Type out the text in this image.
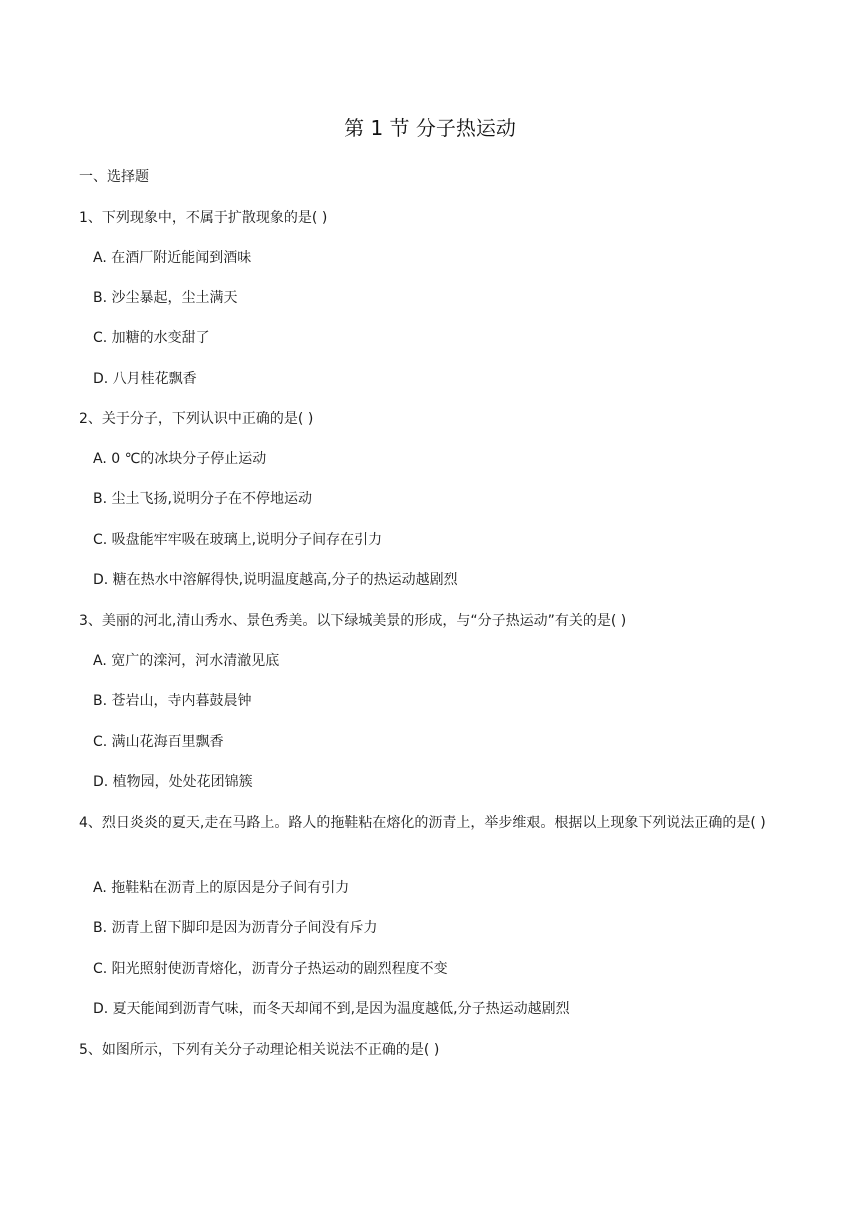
第 1 节 分子热运动
一、选择题
1、下列现象中，不属于扩散现象的是( )
A. 在酒厂附近能闻到酒味
B. 沙尘暴起，尘土满天
C. 加糖的水变甜了
D. 八月桂花飘香
2、关于分子，下列认识中正确的是( )
A. 0 ℃的冰块分子停止运动
B. 尘土飞扬,说明分子在不停地运动
C. 吸盘能牢牢吸在玻璃上,说明分子间存在引力
D. 糖在热水中溶解得快,说明温度越高,分子的热运动越剧烈
3、美丽的河北,清山秀水、景色秀美。以下绿城美景的形成，与“分子热运动”有关的是( )
A. 宽广的滦河，河水清澈见底
B. 苍岩山，寺内暮鼓晨钟
C. 满山花海百里飘香
D. 植物园，处处花团锦簇
4、烈日炎炎的夏天,走在马路上。路人的拖鞋粘在熔化的沥青上，举步维艰。根据以上现象下列说法正确的是( )
A. 拖鞋粘在沥青上的原因是分子间有引力
B. 沥青上留下脚印是因为沥青分子间没有斥力
C. 阳光照射使沥青熔化，沥青分子热运动的剧烈程度不变
D. 夏天能闻到沥青气味，而冬天却闻不到,是因为温度越低,分子热运动越剧烈
5、如图所示，下列有关分子动理论相关说法不正确的是( )
